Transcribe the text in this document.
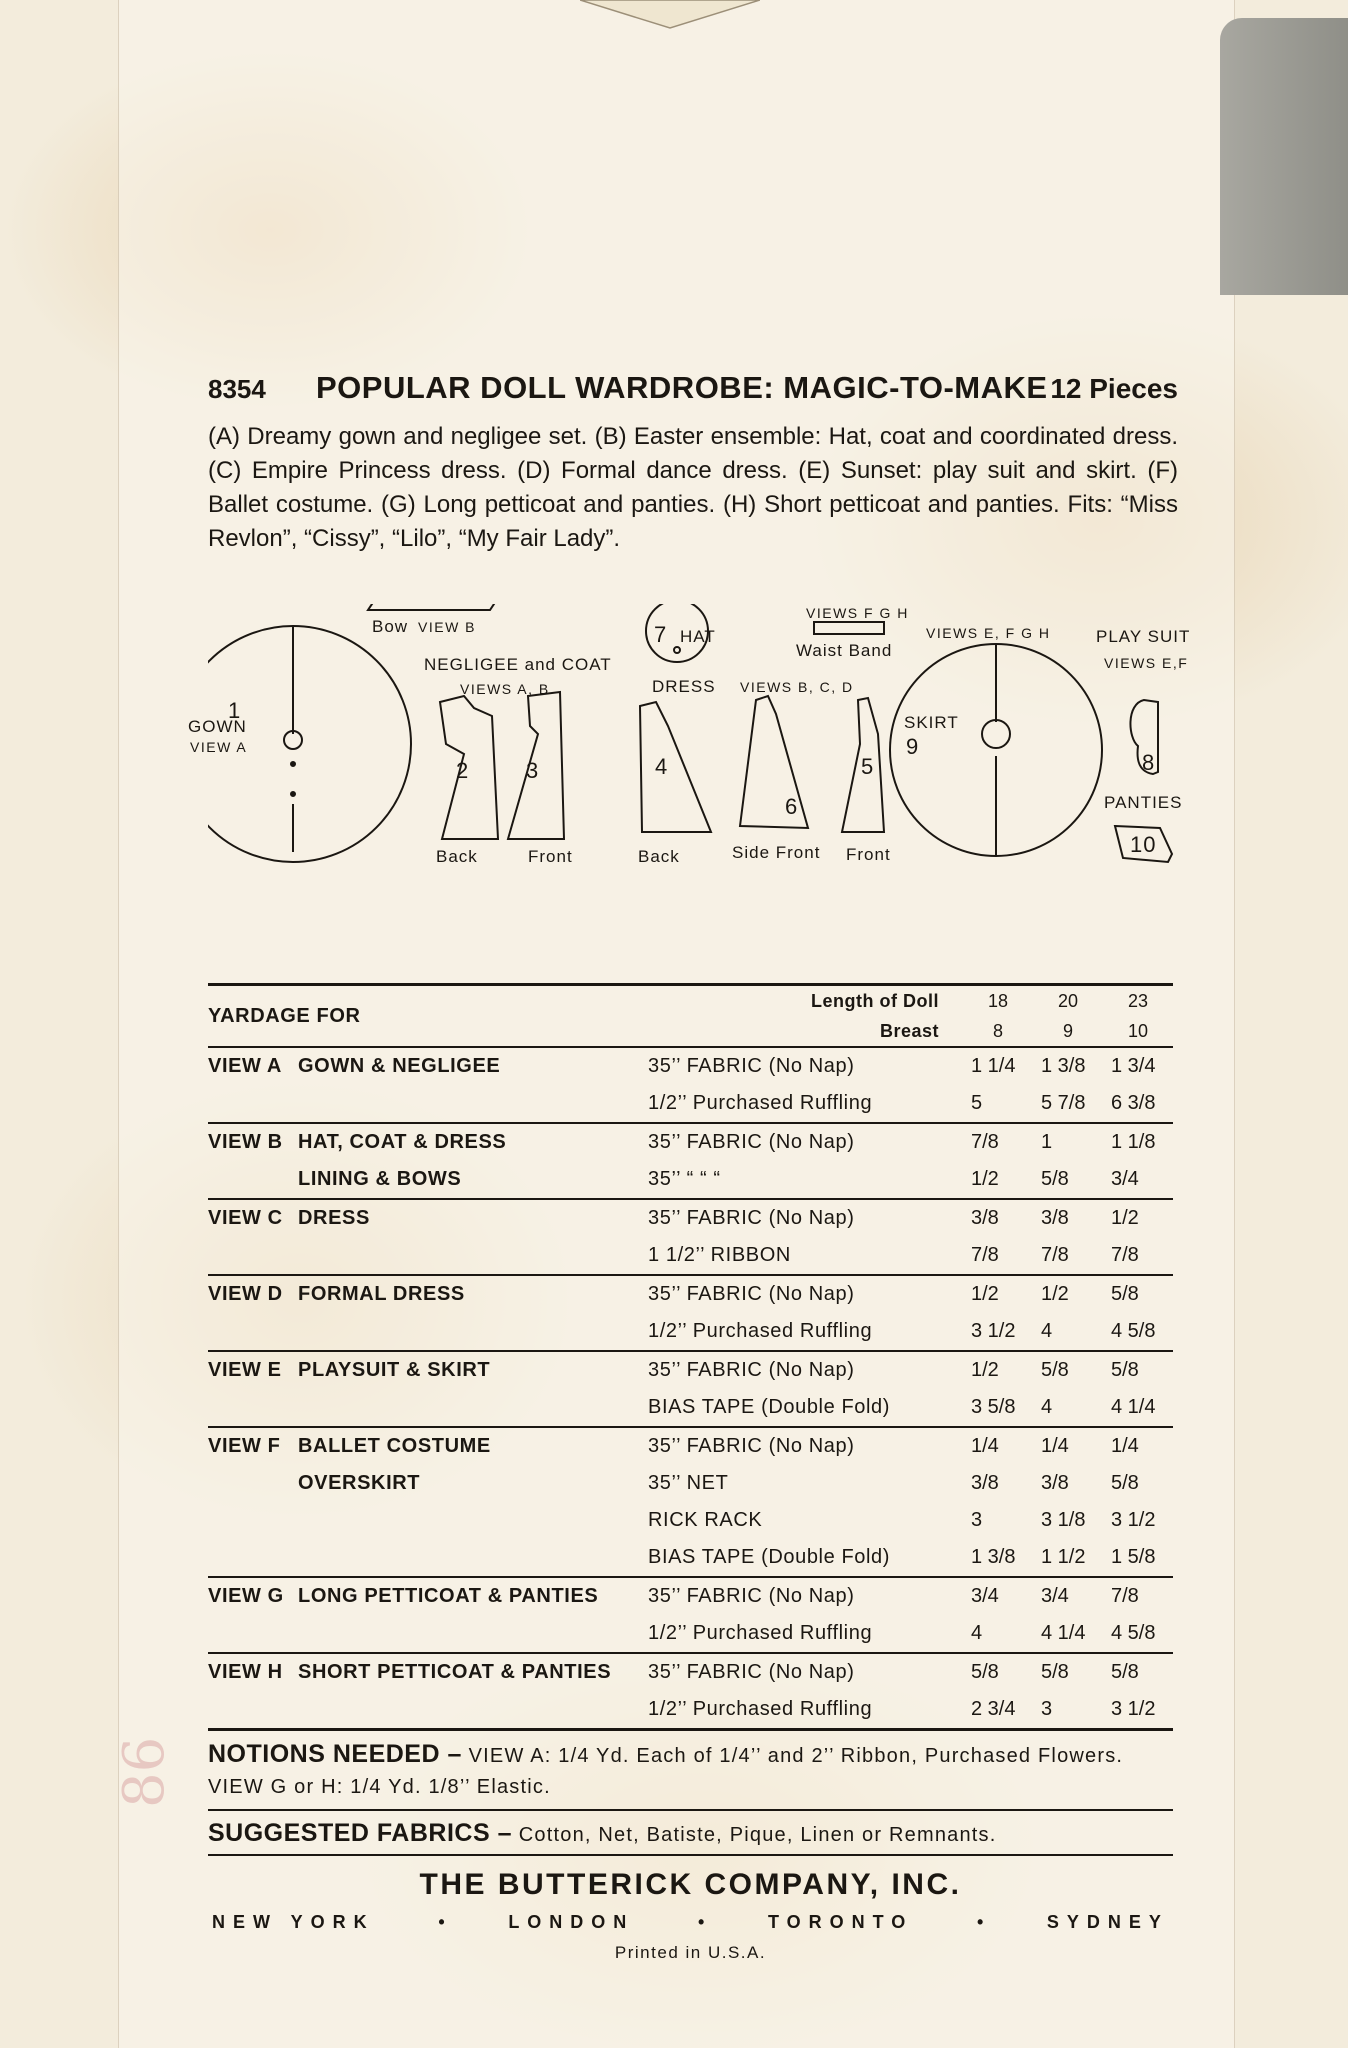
86
8354	POPULAR DOLL WARDROBE: MAGIC-TO-MAKE 12 Pieces
(A) Dreamy gown and negligee set. (B) Easter ensemble: Hat, coat and coordinated dress. (C) Empire Princess dress. (D) Formal dance dress. (E) Sunset: play suit and skirt. (F) Ballet costume. (G) Long petticoat and panties. (H) Short petticoat and panties. Fits: “Miss Revlon”, “Cissy”, “Lilo”, “My Fair Lady”.
1
GOWN
VIEW A
Bow VIEW B
NEGLIGEE and COAT
VIEWS A, B
2	3
Back	Front
7 HAT
DRESS VIEWS B, C, D
4	5
6
Back	Side Front Front
VIEWS F G H
Waist Band
VIEWS E, F G H
SKIRT
9
PLAY SUIT
VIEWS E,F
8
PANTIES
10
YARDAGE FOR
Length of Doll	18	20	23
Breast	8	9	10
VIEW A GOWN & NEGLIGEE	35’’ FABRIC (No Nap)	1 1/4	1 3/8	1 3/4
1/2’’ Purchased Ruffling	5	5 7/8	6 3/8
VIEW B HAT, COAT & DRESS	35’’ FABRIC (No Nap)	7/8	1	1 1/8
LINING & BOWS	35’’ “ “ “	1/2	5/8	3/4
VIEW C DRESS	35’’ FABRIC (No Nap)	3/8	3/8	1/2
1 1/2’’ RIBBON	7/8	7/8	7/8
VIEW D FORMAL DRESS	35’’ FABRIC (No Nap)	1/2	1/2	5/8
1/2’’ Purchased Ruffling	3 1/2	4	4 5/8
VIEW E PLAYSUIT & SKIRT	35’’ FABRIC (No Nap)	1/2	5/8	5/8
BIAS TAPE (Double Fold)	3 5/8	4	4 1/4
VIEW F BALLET COSTUME	35’’ FABRIC (No Nap)	1/4	1/4	1/4
OVERSKIRT	35’’ NET	3/8	3/8	5/8
RICK RACK	3	3 1/8	3 1/2
BIAS TAPE (Double Fold)	1 3/8	1 1/2	1 5/8
VIEW G LONG PETTICOAT & PANTIES 35’’ FABRIC (No Nap)	3/4	3/4	7/8
1/2’’ Purchased Ruffling	4	4 1/4	4 5/8
VIEW H SHORT PETTICOAT & PANTIES 35’’ FABRIC (No Nap)	5/8	5/8	5/8
1/2’’ Purchased Ruffling	2 3/4	3	3 1/2
NOTIONS NEEDED – VIEW A: 1/4 Yd. Each of 1/4’’ and 2’’ Ribbon, Purchased Flowers. VIEW G or H: 1/4 Yd. 1/8’’ Elastic.
SUGGESTED FABRICS – Cotton, Net, Batiste, Pique, Linen or Remnants.
THE BUTTERICK COMPANY, INC.
NEW YORK	•	LONDON	•	TORONTO	•	SYDNEY
Printed in U.S.A.
